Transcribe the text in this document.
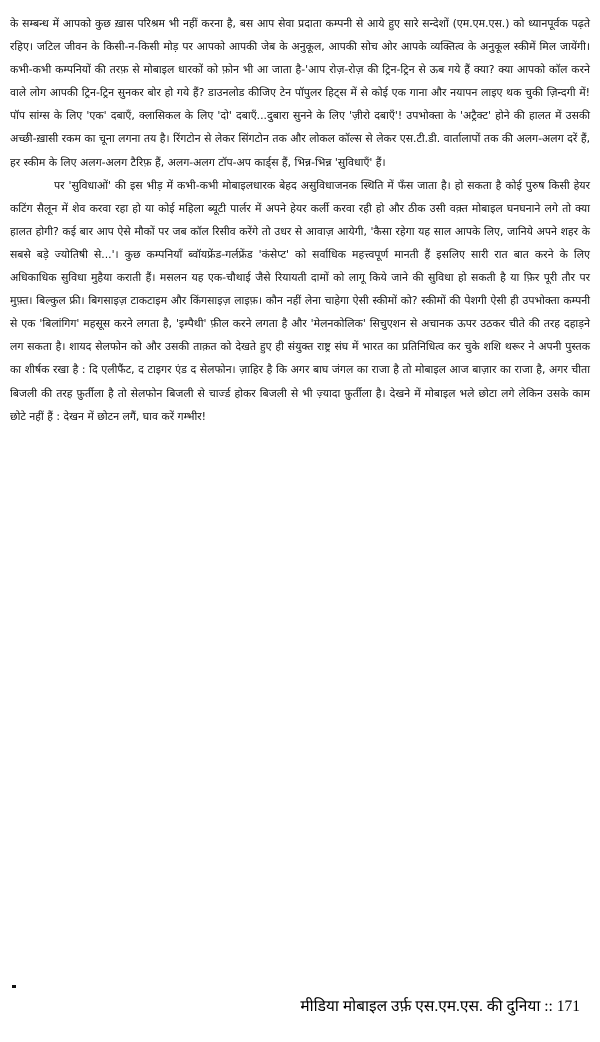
के सम्बन्ध में आपको कुछ ख़ास परिश्रम भी नहीं करना है, बस आप सेवा प्रदाता कम्पनी से आये हुए सारे सन्देशों (एम.एम.एस.) को ध्यानपूर्वक पढ़ते रहिए। जटिल जीवन के किसी-न-किसी मोड़ पर आपको आपकी जेब के अनुकूल, आपकी सोच ओर आपके व्यक्तित्व के अनुकूल स्कीमें मिल जायेंगी। कभी-कभी कम्पनियों की तरफ़ से मोबाइल धारकों को फ़ोन भी आ जाता है-'आप रोज़-रोज़ की ट्रिन-ट्रिन से ऊब गये हैं क्या? क्या आपको कॉल करने वाले लोग आपकी ट्रिन-ट्रिन सुनकर बोर हो गये हैं? डाउनलोड कीजिए टेन पॉपुलर हिट्स में से कोई एक गाना और नयापन लाइए थक चुकी ज़िन्दगी में! पॉप सांग्स के लिए 'एक' दबाएँ, क्लासिकल के लिए 'दो' दबाएँ...दुबारा सुनने के लिए 'ज़ीरो दबाएँ'! उपभोक्ता के 'अट्रैक्ट' होने की हालत में उसकी अच्छी-ख़ासी रकम का चूना लगना तय है। रिंगटोन से लेकर सिंगटोन तक और लोकल कॉल्स से लेकर एस.टी.डी. वार्तालापों तक की अलग-अलग दरें हैं, हर स्कीम के लिए अलग-अलग टैरिफ़ हैं, अलग-अलग टॉप-अप कार्ड्स हैं, भिन्न-भिन्न 'सुविधाएँ' हैं।

पर 'सुविधाओं' की इस भीड़ में कभी-कभी मोबाइलधारक बेहद असुविधाजनक स्थिति में फँस जाता है। हो सकता है कोई पुरुष किसी हेयर कटिंग सैलून में शेव करवा रहा हो या कोई महिला ब्यूटी पार्लर में अपने हेयर कर्ली करवा रही हो और ठीक उसी वक़्त मोबाइल घनघनाने लगे तो क्या हालत होगी? कई बार आप ऐसे मौकों पर जब कॉल रिसीव करेंगे तो उधर से आवाज़ आयेगी, 'कैसा रहेगा यह साल आपके लिए, जानिये अपने शहर के सबसे बड़े ज्योतिषी से...'। कुछ कम्पनियाँ ब्वॉयफ्रेंड-गर्लफ्रेंड 'कंसेप्ट' को सर्वाधिक महत्त्वपूर्ण मानती हैं इसलिए सारी रात बात करने के लिए अधिकाधिक सुविधा मुहैया कराती हैं। मसलन यह एक-चौथाई जैसे रियायती दामों को लागू किये जाने की सुविधा हो सकती है या फ़िर पूरी तौर पर मुफ़्त। बिल्कुल फ्री। बिगसाइज़ टाकटाइम और किंगसाइज़ लाइफ़। कौन नहीं लेना चाहेगा ऐसी स्कीमों को? स्कीमों की पेशगी ऐसी ही उपभोक्ता कम्पनी से एक 'बिलांगिग' महसूस करने लगता है, 'इम्पैथी' फ़ील करने लगता है और 'मेलनकोलिक' सिचुएशन से अचानक ऊपर उठकर चीते की तरह दहाड़ने लग सकता है। शायद सेलफोन को और उसकी ताक़त को देखते हुए ही संयुक्त राष्ट्र संघ में भारत का प्रतिनिधित्व कर चुके शशि थरूर ने अपनी पुस्तक का शीर्षक रखा है : दि एलीफैंट, द टाइगर एंड द सेलफोन। ज़ाहिर है कि अगर बाघ जंगल का राजा है तो मोबाइल आज बाज़ार का राजा है, अगर चीता बिजली की तरह फ़ुर्तीला है तो सेलफोन बिजली से चार्ज्ड होकर बिजली से भी ज़्यादा फ़ुर्तीला है। देखने में मोबाइल भले छोटा लगे लेकिन उसके काम छोटे नहीं हैं : देखन में छोटन लगैं, घाव करें गम्भीर!

मीडिया मोबाइल उर्फ़ एस.एम.एस. की दुनिया :: 171
